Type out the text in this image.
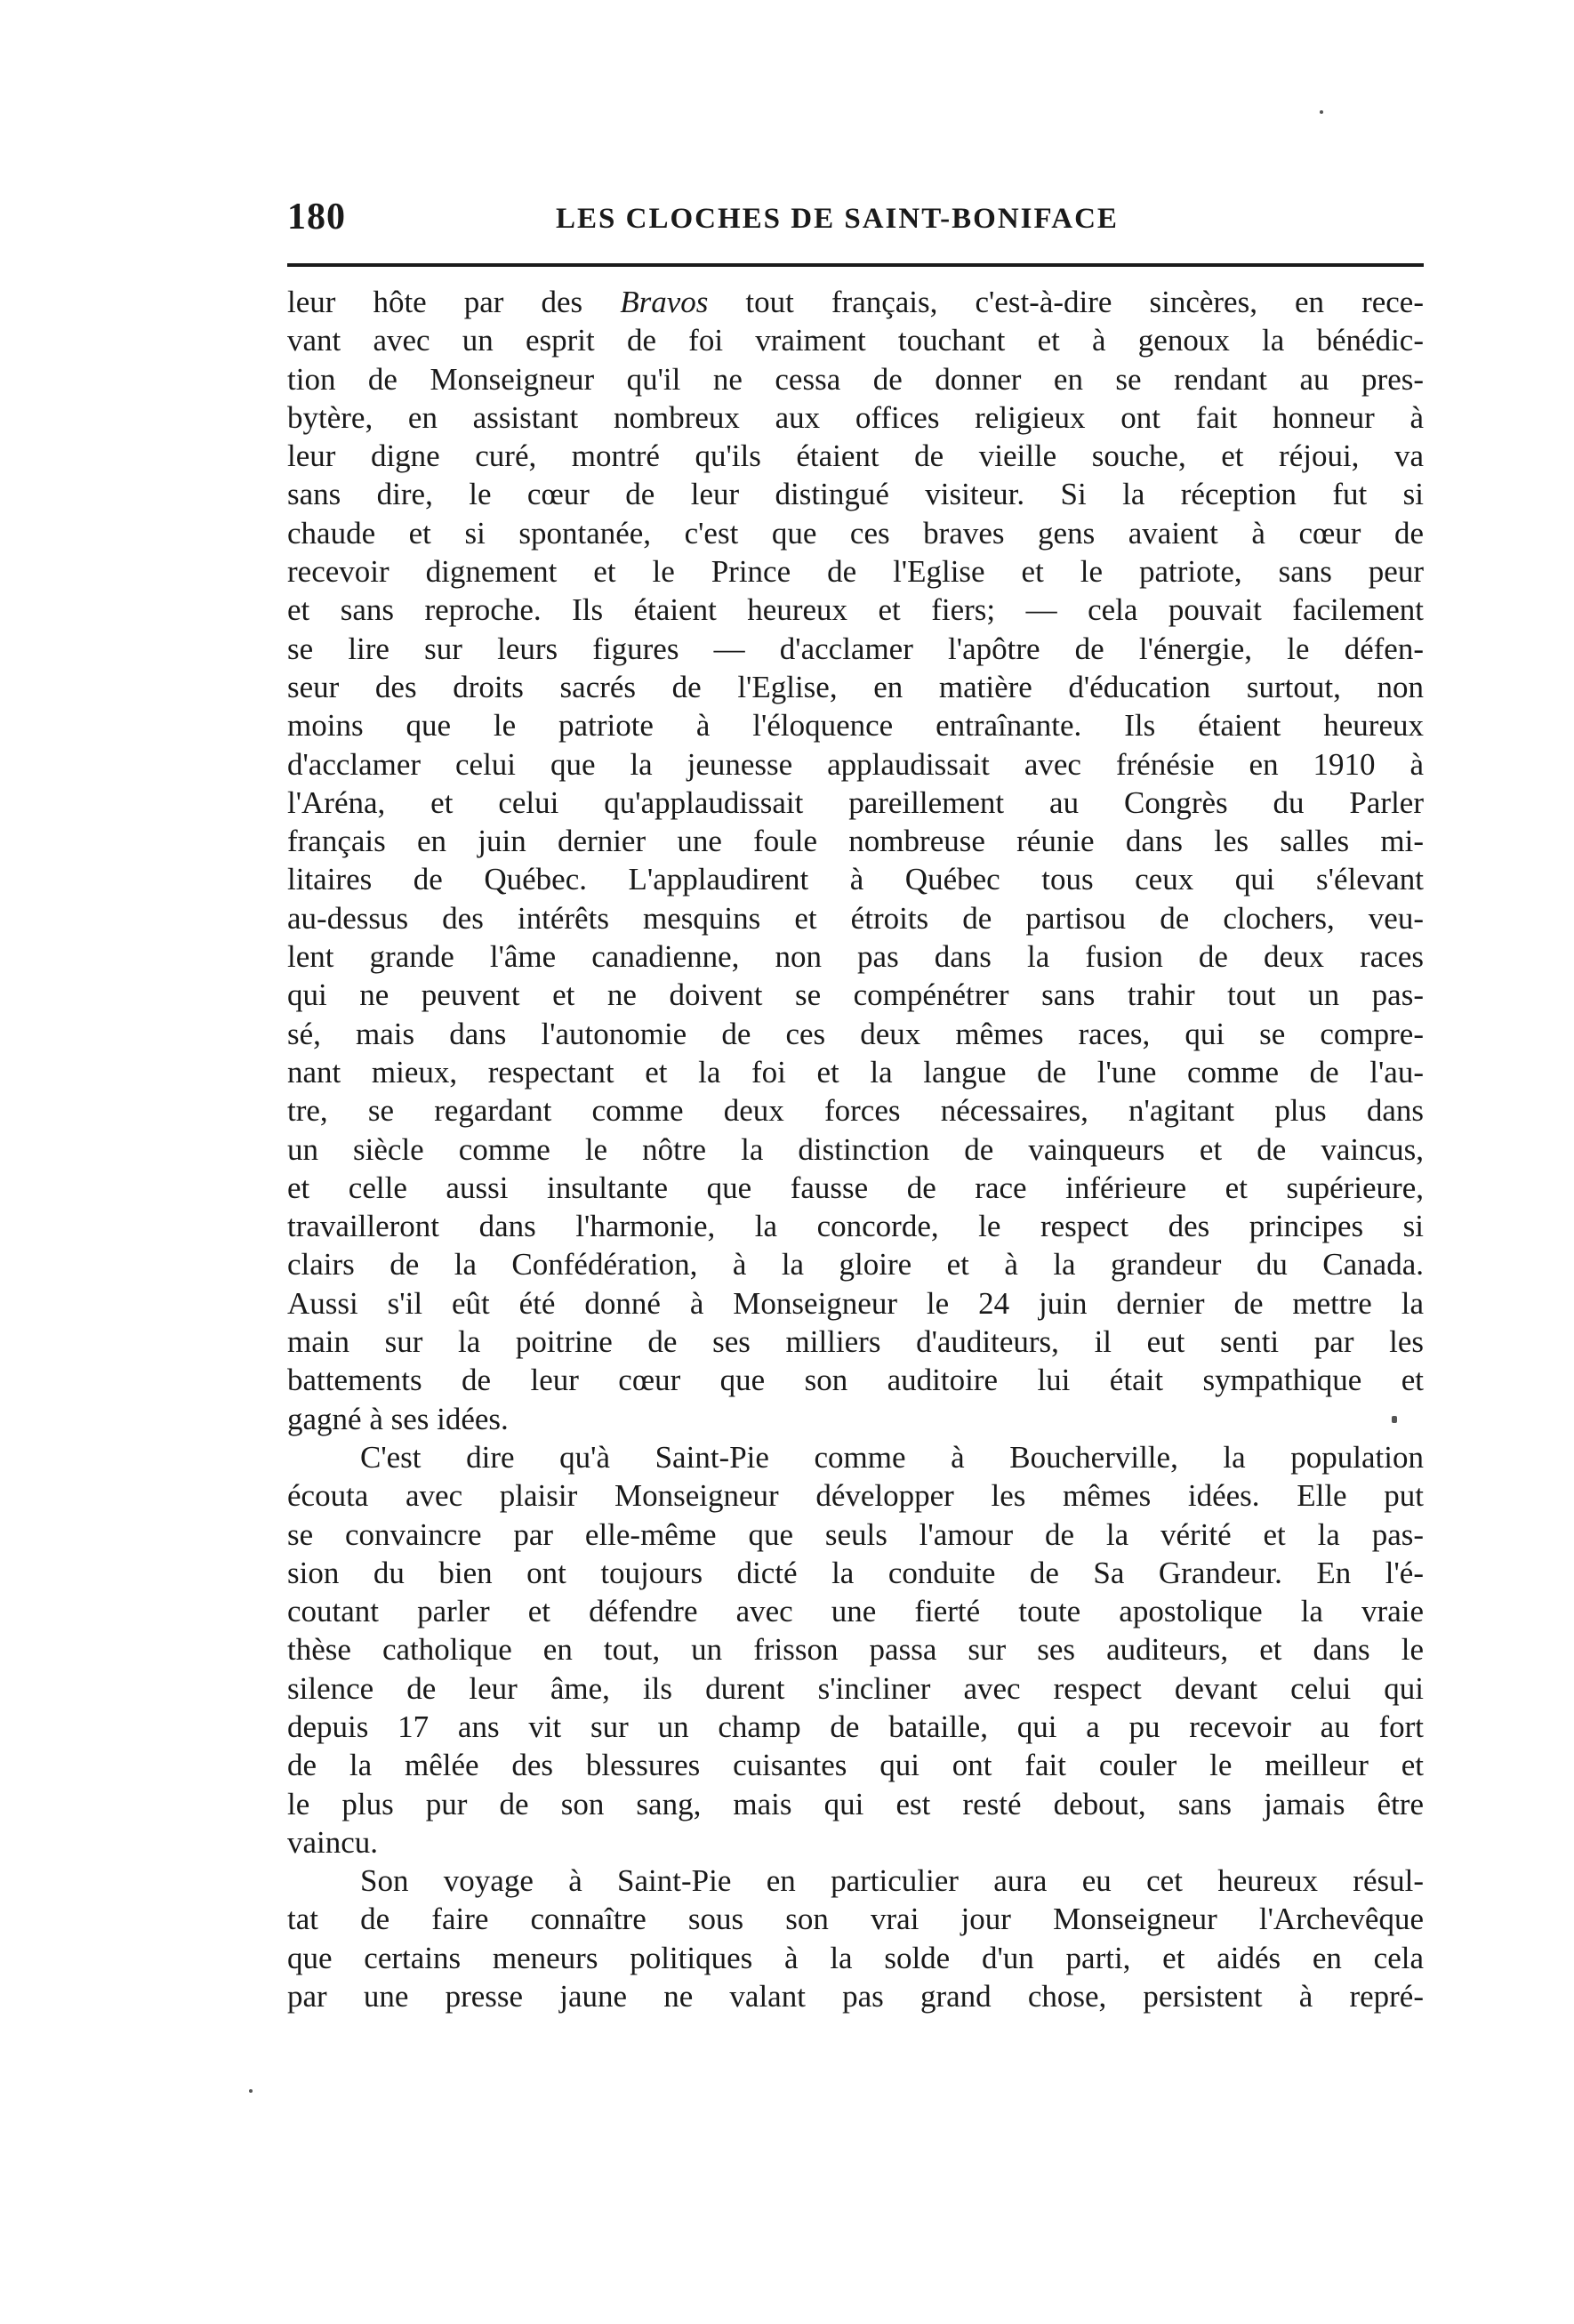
180	LES CLOCHES DE SAINT-BONIFACE
leur hôte par des Bravos tout français, c'est-à-dire sincères, en rece-
vant avec un esprit de foi vraiment touchant et à genoux la bénédic-
tion de Monseigneur qu'il ne cessa de donner en se rendant au pres-
bytère, en assistant nombreux aux offices religieux ont fait honneur à
leur digne curé, montré qu'ils étaient de vieille souche, et réjoui, va
sans dire, le cœur de leur distingué visiteur. Si la réception fut si
chaude et si spontanée, c'est que ces braves gens avaient à cœur de
recevoir dignement et le Prince de l'Eglise et le patriote, sans peur
et sans reproche. Ils étaient heureux et fiers; — cela pouvait facilement
se lire sur leurs figures — d'acclamer l'apôtre de l'énergie, le défen-
seur des droits sacrés de l'Eglise, en matière d'éducation surtout, non
moins que le patriote à l'éloquence entraînante. Ils étaient heureux
d'acclamer celui que la jeunesse applaudissait avec frénésie en 1910 à
l'Aréna, et celui qu'applaudissait pareillement au Congrès du Parler
français en juin dernier une foule nombreuse réunie dans les salles mi-
litaires de Québec. L'applaudirent à Québec tous ceux qui s'élevant
au-dessus des intérêts mesquins et étroits de partisou de clochers, veu-
lent grande l'âme canadienne, non pas dans la fusion de deux races
qui ne peuvent et ne doivent se compénétrer sans trahir tout un pas-
sé, mais dans l'autonomie de ces deux mêmes races, qui se compre-
nant mieux, respectant et la foi et la langue de l'une comme de l'au-
tre, se regardant comme deux forces nécessaires, n'agitant plus dans
un siècle comme le nôtre la distinction de vainqueurs et de vaincus,
et celle aussi insultante que fausse de race inférieure et supérieure,
travailleront dans l'harmonie, la concorde, le respect des principes si
clairs de la Confédération, à la gloire et à la grandeur du Canada.
Aussi s'il eût été donné à Monseigneur le 24 juin dernier de mettre la
main sur la poitrine de ses milliers d'auditeurs, il eut senti par les
battements de leur cœur que son auditoire lui était sympathique et
gagné à ses idées.
C'est dire qu'à Saint-Pie comme à Boucherville, la population
écouta avec plaisir Monseigneur développer les mêmes idées. Elle put
se convaincre par elle-même que seuls l'amour de la vérité et la pas-
sion du bien ont toujours dicté la conduite de Sa Grandeur. En l'é-
coutant parler et défendre avec une fierté toute apostolique la vraie
thèse catholique en tout, un frisson passa sur ses auditeurs, et dans le
silence de leur âme, ils durent s'incliner avec respect devant celui qui
depuis 17 ans vit sur un champ de bataille, qui a pu recevoir au fort
de la mêlée des blessures cuisantes qui ont fait couler le meilleur et
le plus pur de son sang, mais qui est resté debout, sans jamais être
vaincu.
Son voyage à Saint-Pie en particulier aura eu cet heureux résul-
tat de faire connaître sous son vrai jour Monseigneur l'Archevêque
que certains meneurs politiques à la solde d'un parti, et aidés en cela
par une presse jaune ne valant pas grand chose, persistent à repré-
